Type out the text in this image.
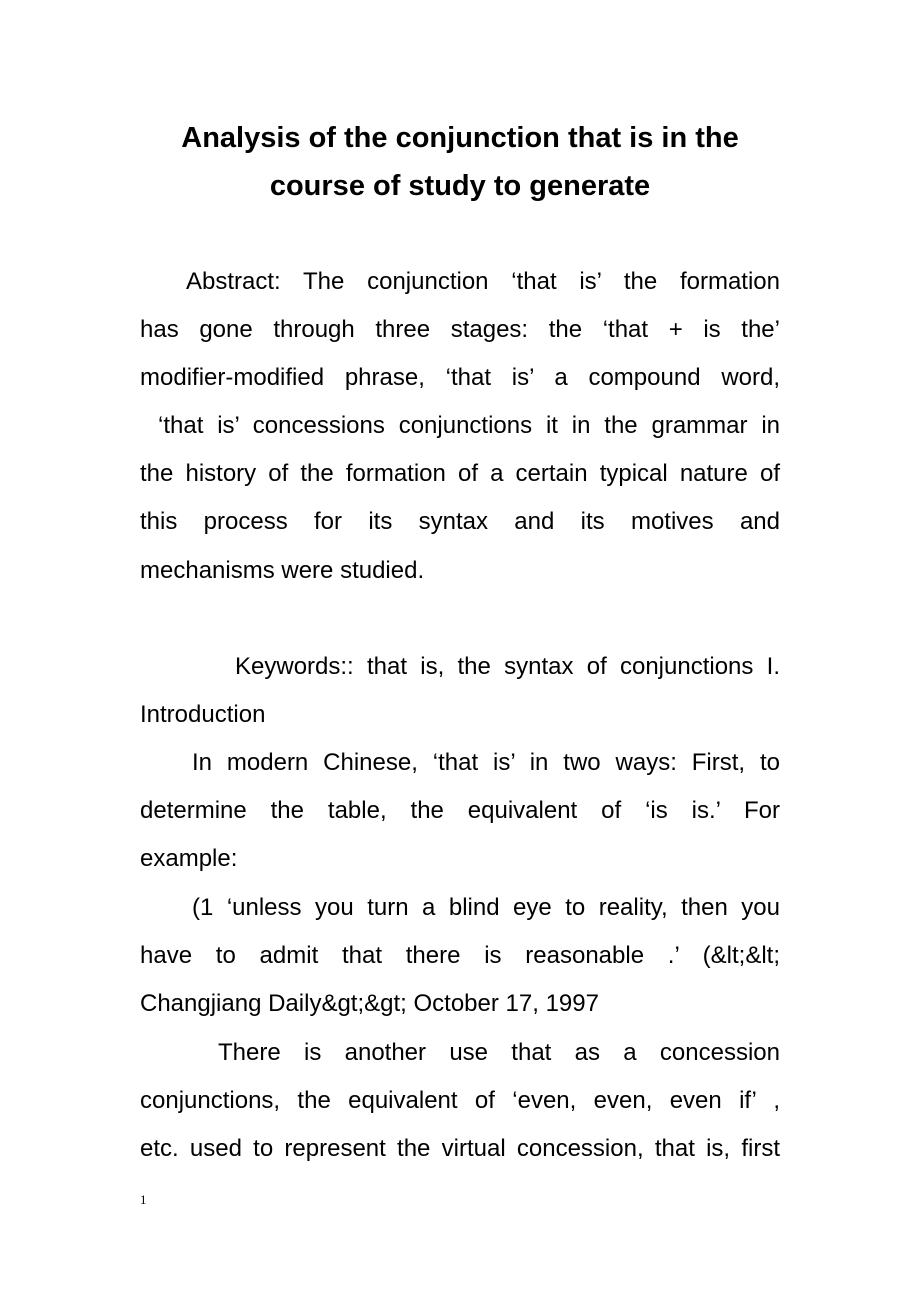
Analysis of the conjunction that is in the
course of study to generate
Abstract: The conjunction ‘that is’ the formation
has gone through three stages: the ‘that + is the’
modifier-modified phrase, ‘that is’ a compound word,
‘that is’ concessions conjunctions it in the grammar in
the history of the formation of a certain typical nature of
this process for its syntax and its motives and
mechanisms were studied.
Keywords:: that is, the syntax of conjunctions I.
Introduction
In modern Chinese, ‘that is’ in two ways: First, to
determine the table, the equivalent of ‘is is.’ For
example:
(1 ‘unless you turn a blind eye to reality, then you
have to admit that there is reasonable .’ (&lt;&lt;
Changjiang Daily&gt;&gt; October 17, 1997
There is another use that as a concession
conjunctions, the equivalent of ‘even, even, even if’ ,
etc. used to represent the virtual concession, that is, first
1
